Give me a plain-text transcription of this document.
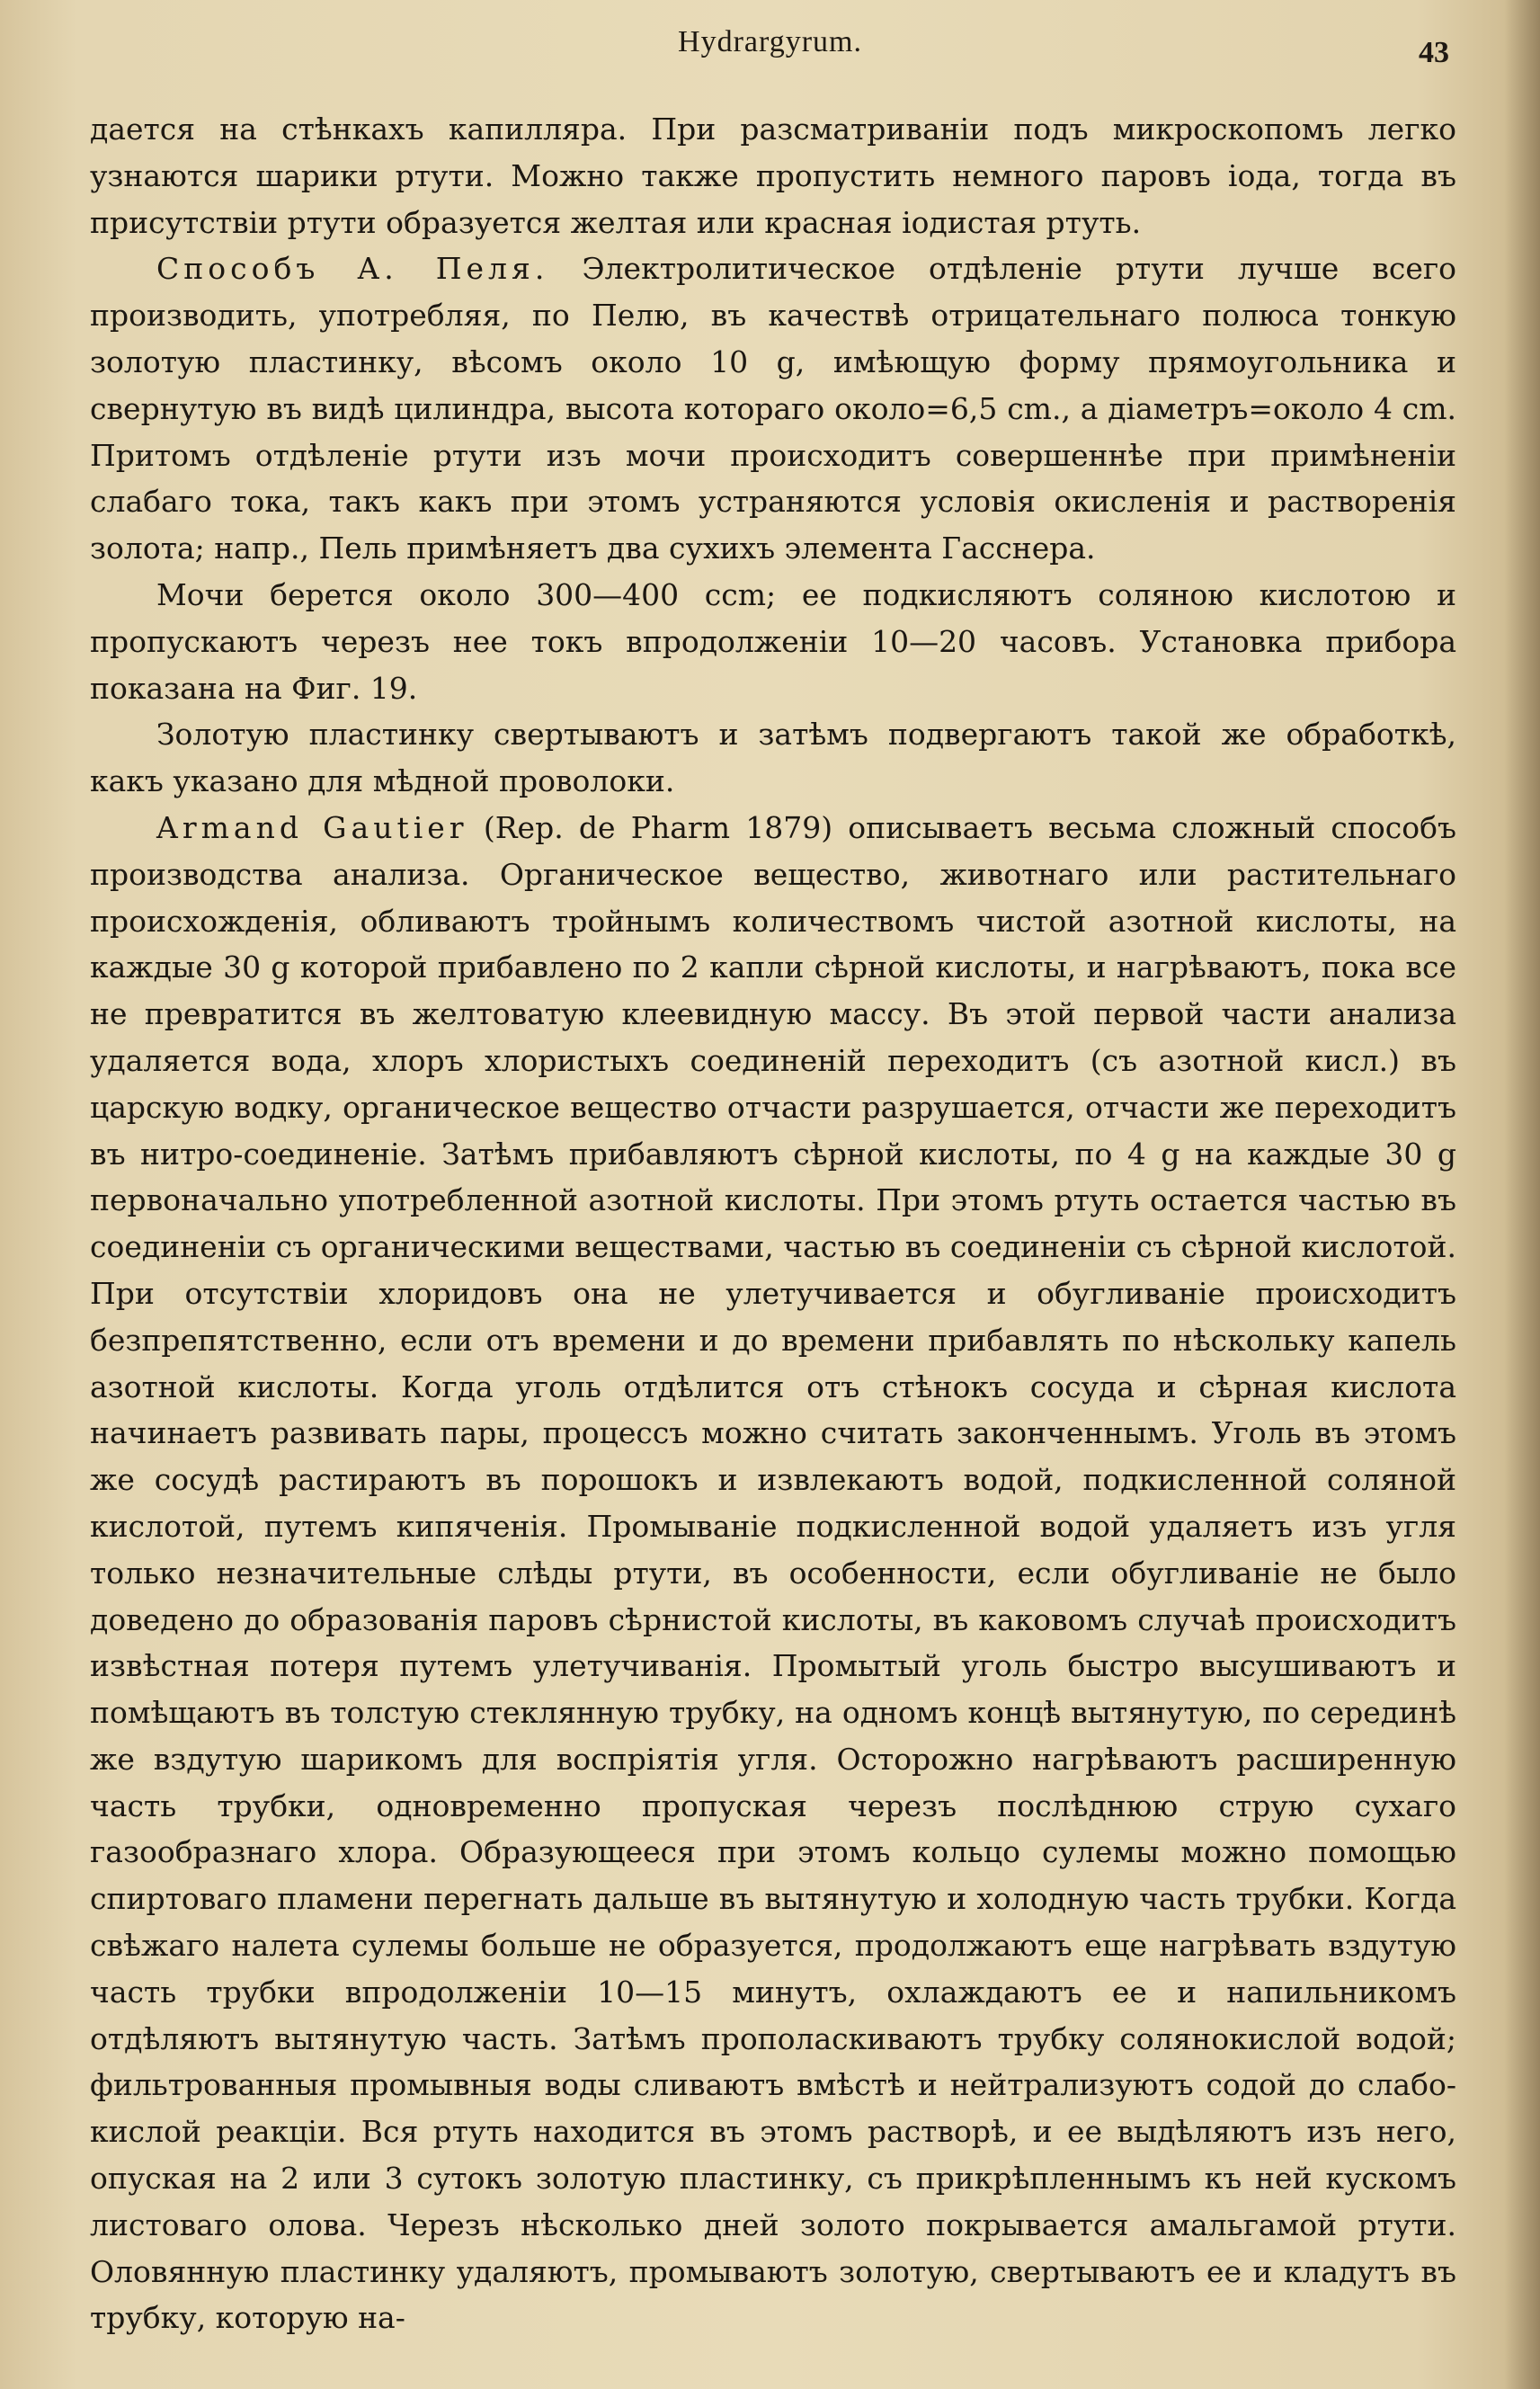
Hydrargyrum.	43

дается на стѣнкахъ капилляра. При разсматриванiи подъ микроскопомъ легко узнаются шарики ртути. Можно также пропустить немного паровъ iода, тогда въ присутствiи ртути образуется желтая или красная iодистая ртуть.

Способъ А. Пеля. Электролитическое отдѣленiе ртути лучше всего производить, употребляя, по Пелю, въ качествѣ отрицательнаго полюса тонкую золотую пластинку, вѣсомъ около 10 g, имѣющую форму прямоугольника и свернутую въ видѣ цилиндра, высота котораго около=6,5 cm., а дiаметръ=около 4 cm. Притомъ отдѣленiе ртути изъ мочи происходитъ совершеннѣе при примѣненiи слабаго тока, такъ какъ при этомъ устраняются условiя окисленiя и растворенiя золота; напр., Пель примѣняетъ два сухихъ элемента Гасснера.

Мочи берется около 300—400 ccm; ее подкисляютъ соляною кислотою и пропускаютъ черезъ нее токъ впродолженiи 10—20 часовъ. Установка прибора показана на Фиг. 19.

Золотую пластинку свертываютъ и затѣмъ подвергаютъ такой же обработкѣ, какъ указано для мѣдной проволоки.

Armand Gautier (Rep. de Pharm 1879) описываетъ весьма сложный способъ производства анализа. Органическое вещество, животнаго или растительнаго происхожденiя, обливаютъ тройнымъ количествомъ чистой азотной кислоты, на каждые 30 g которой прибавлено по 2 капли сѣрной кислоты, и нагрѣваютъ, пока все не превратится въ желтоватую клеевидную массу. Въ этой первой части анализа удаляется вода, хлоръ хлористыхъ соединенiй переходитъ (съ азотной кисл.) въ царскую водку, органическое вещество отчасти разрушается, отчасти же переходитъ въ нитро-соединенiе. Затѣмъ прибавляютъ сѣрной кислоты, по 4 g на каждые 30 g первоначально употребленной азотной кислоты. При этомъ ртуть остается частью въ соединенiи съ органическими веществами, частью въ соединенiи съ сѣрной кислотой. При отсутствiи хлоридовъ она не улетучивается и обугливанiе происходитъ безпрепятственно, если отъ времени и до времени прибавлять по нѣскольку капель азотной кислоты. Когда уголь отдѣлится отъ стѣнокъ сосуда и сѣрная кислота начинаетъ развивать пары, процессъ можно считать законченнымъ. Уголь въ этомъ же сосудѣ растираютъ въ порошокъ и извлекаютъ водой, подкисленной соляной кислотой, путемъ кипяченiя. Промыванiе подкисленной водой удаляетъ изъ угля только незначительные слѣды ртути, въ особенности, если обугливанiе не было доведено до образованiя паровъ сѣрнистой кислоты, въ каковомъ случаѣ происходитъ извѣстная потеря путемъ улетучиванiя. Промытый уголь быстро высушиваютъ и помѣщаютъ въ толстую стеклянную трубку, на одномъ концѣ вытянутую, по серединѣ же вздутую шарикомъ для воспрiятiя угля. Осторожно нагрѣваютъ расширенную часть трубки, одновременно пропуская черезъ послѣднюю струю сухаго газообразнаго хлора. Образующееся при этомъ кольцо сулемы можно помощью спиртоваго пламени перегнать дальше въ вытянутую и холодную часть трубки. Когда свѣжаго налета сулемы больше не образуется, продолжаютъ еще нагрѣвать вздутую часть трубки впродолженiи 10—15 минутъ, охлаждаютъ ее и напильникомъ отдѣляютъ вытянутую часть. Затѣмъ прополаскиваютъ трубку солянокислой водой; фильтрованныя промывныя воды сливаютъ вмѣстѣ и нейтрализуютъ содой до слабо-кислой реакцiи. Вся ртуть находится въ этомъ растворѣ, и ее выдѣляютъ изъ него, опуская на 2 или 3 сутокъ золотую пластинку, съ прикрѣпленнымъ къ ней кускомъ листоваго олова. Черезъ нѣсколько дней золото покрывается амальгамой ртути. Оловянную пластинку удаляютъ, промываютъ золотую, свертываютъ ее и кладутъ въ трубку, которую на-
